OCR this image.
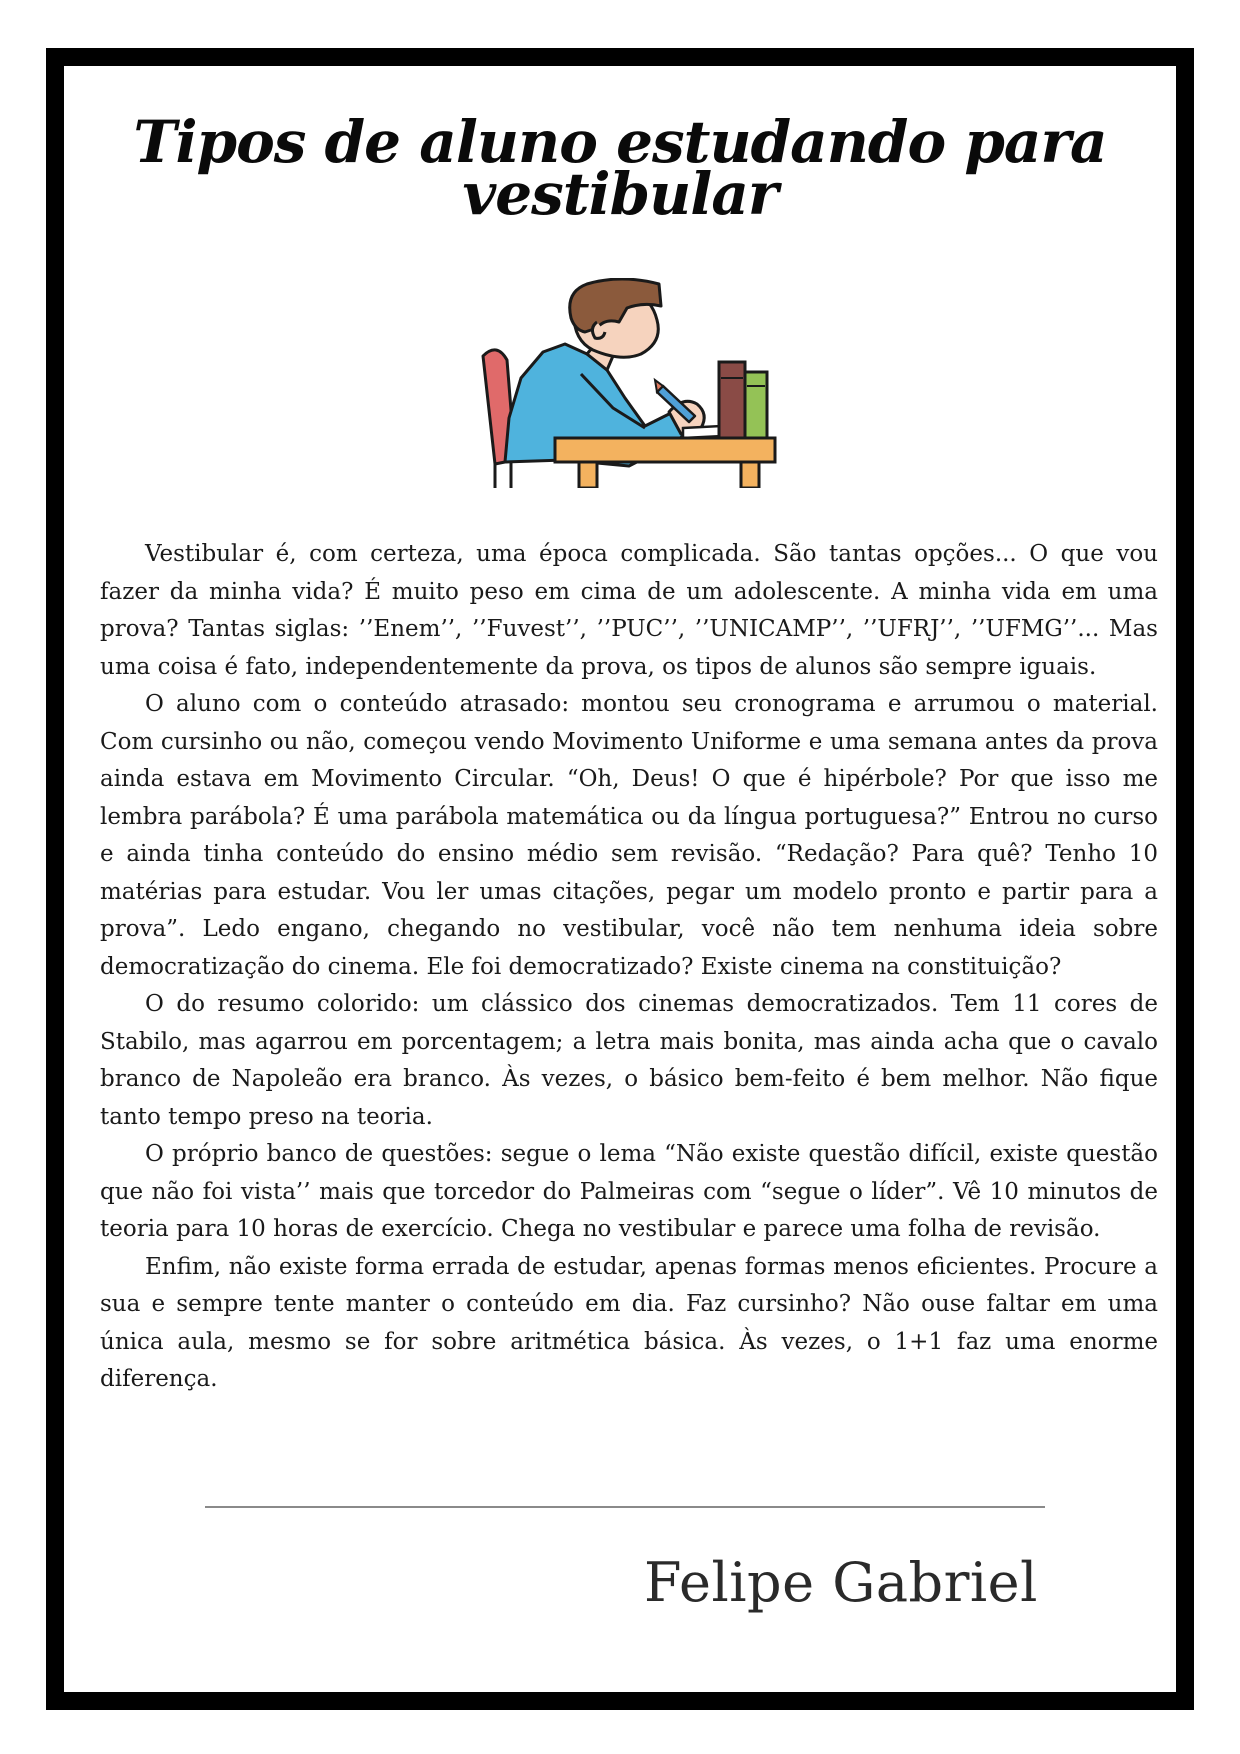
Tipos de aluno estudando para
vestibular

Vestibular é, com certeza, uma época complicada. São tantas opções... O que vou fazer da minha vida? É muito peso em cima de um adolescente. A minha vida em uma prova? Tantas siglas: ’’Enem’’, ’’Fuvest’’, ’’PUC’’, ’’UNICAMP’’, ’’UFRJ’’, ’’UFMG’’... Mas uma coisa é fato, independentemente da prova, os tipos de alunos são sempre iguais.

O aluno com o conteúdo atrasado: montou seu cronograma e arrumou o material. Com cursinho ou não, começou vendo Movimento Uniforme e uma semana antes da prova ainda estava em Movimento Circular. “Oh, Deus! O que é hipérbole? Por que isso me lembra parábola? É uma parábola matemática ou da língua portuguesa?” Entrou no curso e ainda tinha conteúdo do ensino médio sem revisão. “Redação? Para quê? Tenho 10 matérias para estudar. Vou ler umas citações, pegar um modelo pronto e partir para a prova”. Ledo engano, chegando no vestibular, você não tem nenhuma ideia sobre democratização do cinema. Ele foi democratizado? Existe cinema na constituição?

O do resumo colorido: um clássico dos cinemas democratizados. Tem 11 cores de Stabilo, mas agarrou em porcentagem; a letra mais bonita, mas ainda acha que o cavalo branco de Napoleão era branco. Às vezes, o básico bem-feito é bem melhor. Não fique tanto tempo preso na teoria.

O próprio banco de questões: segue o lema “Não existe questão difícil, existe questão que não foi vista’’ mais que torcedor do Palmeiras com “segue o líder”. Vê 10 minutos de teoria para 10 horas de exercício. Chega no vestibular e parece uma folha de revisão.

Enfim, não existe forma errada de estudar, apenas formas menos eficientes. Procure a sua e sempre tente manter o conteúdo em dia. Faz cursinho? Não ouse faltar em uma única aula, mesmo se for sobre aritmética básica. Às vezes, o 1+1 faz uma enorme diferença.

Felipe Gabriel
